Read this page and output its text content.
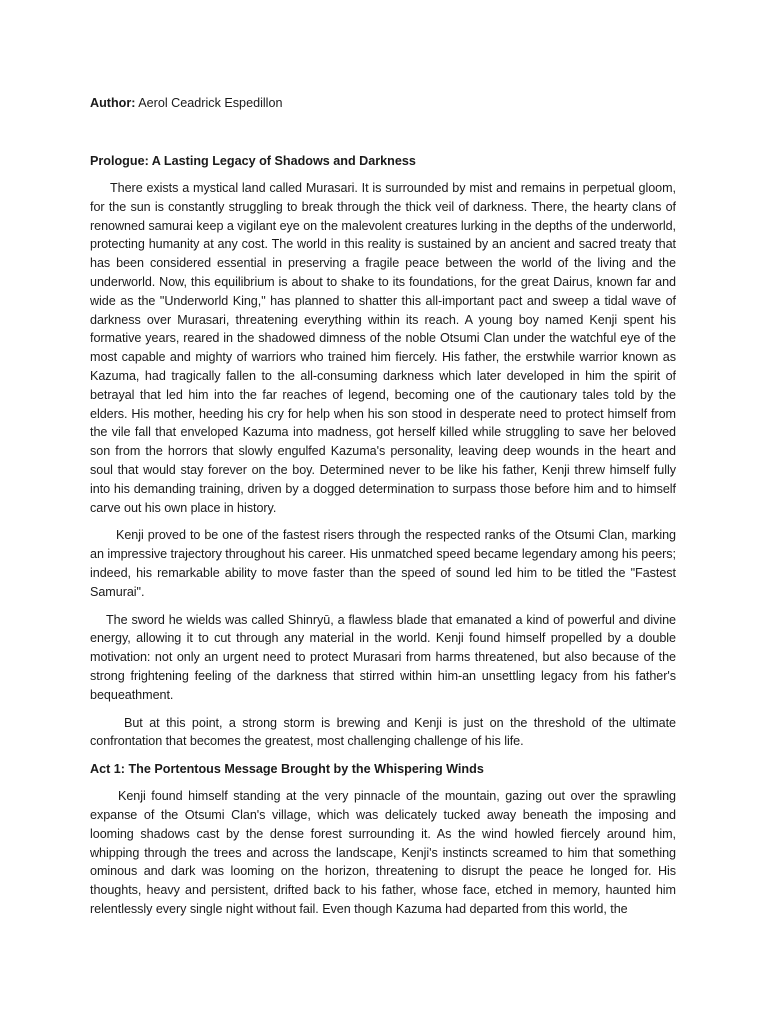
Author: Aerol Ceadrick Espedillon
Prologue: A Lasting Legacy of Shadows and Darkness

There exists a mystical land called Murasari. It is surrounded by mist and remains in perpetual gloom, for the sun is constantly struggling to break through the thick veil of darkness. There, the hearty clans of renowned samurai keep a vigilant eye on the malevolent creatures lurking in the depths of the underworld, protecting humanity at any cost. The world in this reality is sustained by an ancient and sacred treaty that has been considered essential in preserving a fragile peace between the world of the living and the underworld. Now, this equilibrium is about to shake to its foundations, for the great Dairus, known far and wide as the "Underworld King," has planned to shatter this all-important pact and sweep a tidal wave of darkness over Murasari, threatening everything within its reach. A young boy named Kenji spent his formative years, reared in the shadowed dimness of the noble Otsumi Clan under the watchful eye of the most capable and mighty of warriors who trained him fiercely. His father, the erstwhile warrior known as Kazuma, had tragically fallen to the all-consuming darkness which later developed in him the spirit of betrayal that led him into the far reaches of legend, becoming one of the cautionary tales told by the elders. His mother, heeding his cry for help when his son stood in desperate need to protect himself from the vile fall that enveloped Kazuma into madness, got herself killed while struggling to save her beloved son from the horrors that slowly engulfed Kazuma's personality, leaving deep wounds in the heart and soul that would stay forever on the boy. Determined never to be like his father, Kenji threw himself fully into his demanding training, driven by a dogged determination to surpass those before him and to himself carve out his own place in history.

Kenji proved to be one of the fastest risers through the respected ranks of the Otsumi Clan, marking an impressive trajectory throughout his career. His unmatched speed became legendary among his peers; indeed, his remarkable ability to move faster than the speed of sound led him to be titled the "Fastest Samurai".

The sword he wields was called Shinryū, a flawless blade that emanated a kind of powerful and divine energy, allowing it to cut through any material in the world. Kenji found himself propelled by a double motivation: not only an urgent need to protect Murasari from harms threatened, but also because of the strong frightening feeling of the darkness that stirred within him-an unsettling legacy from his father's bequeathment.

But at this point, a strong storm is brewing and Kenji is just on the threshold of the ultimate confrontation that becomes the greatest, most challenging challenge of his life.

Act 1: The Portentous Message Brought by the Whispering Winds

Kenji found himself standing at the very pinnacle of the mountain, gazing out over the sprawling expanse of the Otsumi Clan's village, which was delicately tucked away beneath the imposing and looming shadows cast by the dense forest surrounding it. As the wind howled fiercely around him, whipping through the trees and across the landscape, Kenji's instincts screamed to him that something ominous and dark was looming on the horizon, threatening to disrupt the peace he longed for. His thoughts, heavy and persistent, drifted back to his father, whose face, etched in memory, haunted him relentlessly every single night without fail. Even though Kazuma had departed from this world, the
